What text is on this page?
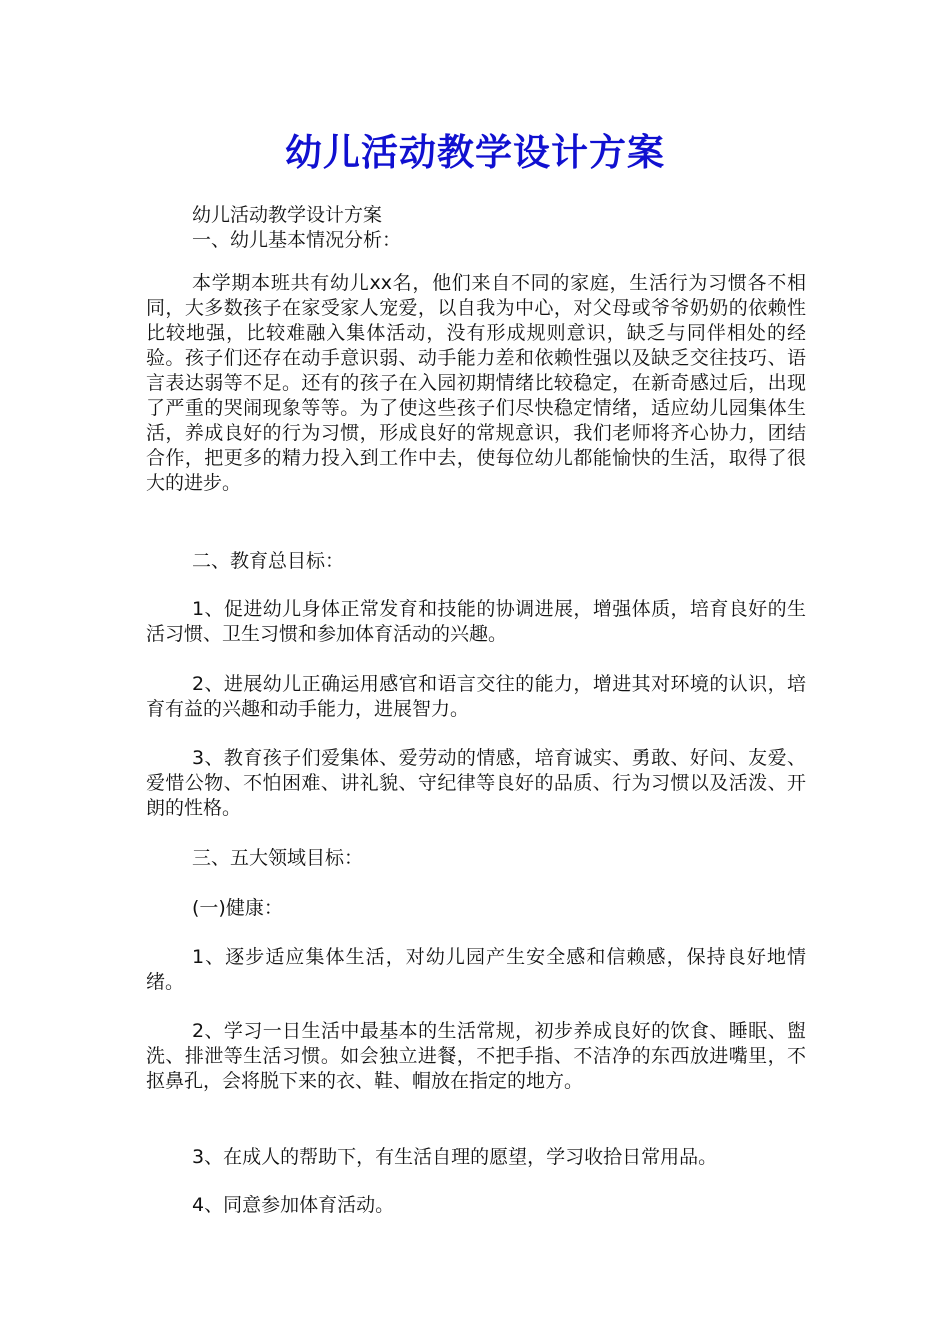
幼儿活动教学设计方案

幼儿活动教学设计方案

一、幼儿基本情况分析：

本学期本班共有幼儿xx名，他们来自不同的家庭，生活行为习惯各不相同，大多数孩子在家受家人宠爱，以自我为中心，对父母或爷爷奶奶的依赖性比较地强，比较难融入集体活动，没有形成规则意识，缺乏与同伴相处的经验。孩子们还存在动手意识弱、动手能力差和依赖性强以及缺乏交往技巧、语言表达弱等不足。还有的孩子在入园初期情绪比较稳定，在新奇感过后，出现了严重的哭闹现象等等。为了使这些孩子们尽快稳定情绪，适应幼儿园集体生活，养成良好的行为习惯，形成良好的常规意识，我们老师将齐心协力，团结合作，把更多的精力投入到工作中去，使每位幼儿都能愉快的生活，取得了很大的进步。

二、教育总目标：

1、促进幼儿身体正常发育和技能的协调进展，增强体质，培育良好的生活习惯、卫生习惯和参加体育活动的兴趣。

2、进展幼儿正确运用感官和语言交往的能力，增进其对环境的认识，培育有益的兴趣和动手能力，进展智力。

3、教育孩子们爱集体、爱劳动的情感，培育诚实、勇敢、好问、友爱、爱惜公物、不怕困难、讲礼貌、守纪律等良好的品质、行为习惯以及活泼、开朗的性格。

三、五大领域目标：

(一)健康：

1、逐步适应集体生活，对幼儿园产生安全感和信赖感，保持良好地情绪。

2、学习一日生活中最基本的生活常规，初步养成良好的饮食、睡眠、盥洗、排泄等生活习惯。如会独立进餐，不把手指、不洁净的东西放进嘴里，不抠鼻孔，会将脱下来的衣、鞋、帽放在指定的地方。

3、在成人的帮助下，有生活自理的愿望，学习收拾日常用品。

4、同意参加体育活动。
